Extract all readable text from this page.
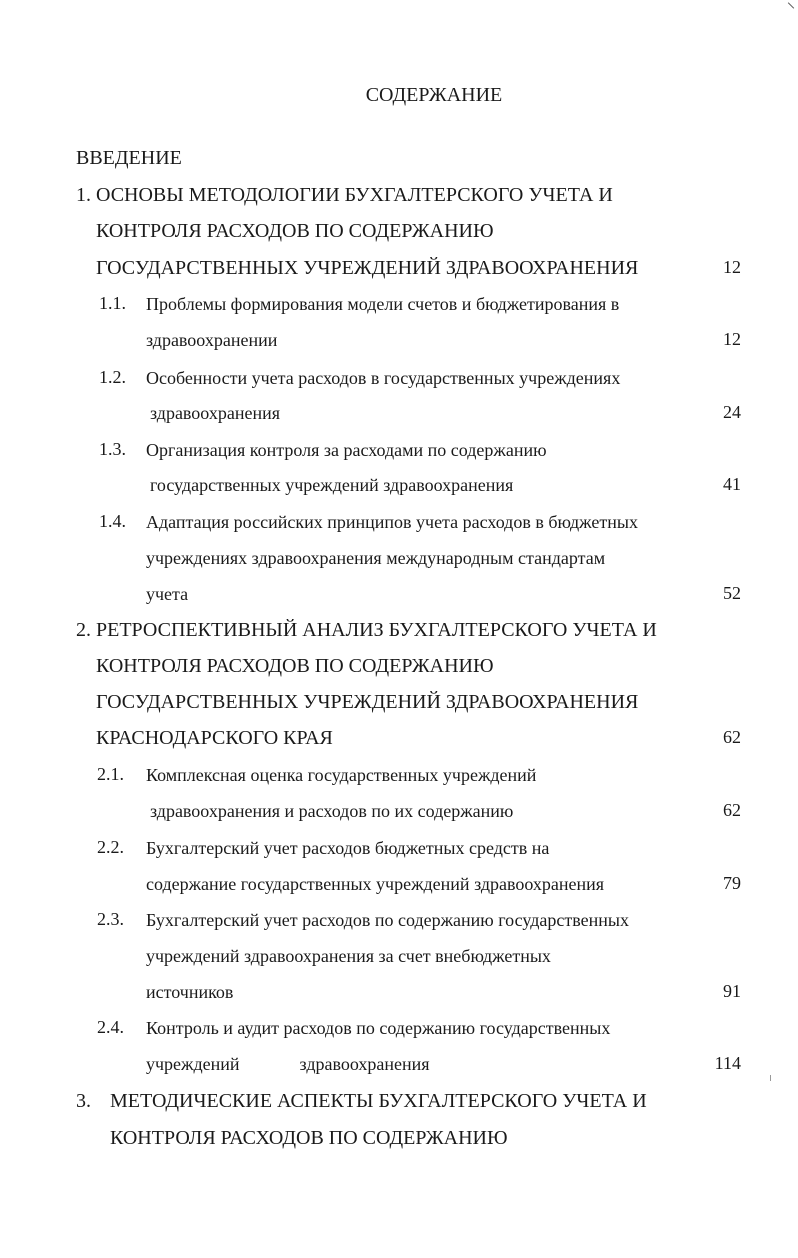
СОДЕРЖАНИЕ
ВВЕДЕНИЕ
1. ОСНОВЫ МЕТОДОЛОГИИ БУХГАЛТЕРСКОГО УЧЕТА И
КОНТРОЛЯ РАСХОДОВ ПО СОДЕРЖАНИЮ
ГОСУДАРСТВЕННЫХ УЧРЕЖДЕНИЙ ЗДРАВООХРАНЕНИЯ	12
1.1. Проблемы формирования модели счетов и бюджетирования в
здравоохранении	12
1.2. Особенности учета расходов в государственных учреждениях
здравоохранения	24
1.3. Организация контроля за расходами по содержанию
государственных учреждений здравоохранения	41
1.4. Адаптация российских принципов учета расходов в бюджетных
учреждениях здравоохранения международным стандартам
учета	52
2. РЕТРОСПЕКТИВНЫЙ АНАЛИЗ БУХГАЛТЕРСКОГО УЧЕТА И
КОНТРОЛЯ РАСХОДОВ ПО СОДЕРЖАНИЮ
ГОСУДАРСТВЕННЫХ УЧРЕЖДЕНИЙ ЗДРАВООХРАНЕНИЯ
КРАСНОДАРСКОГО КРАЯ	62
2.1. Комплексная оценка государственных учреждений
здравоохранения и расходов по их содержанию	62
2.2. Бухгалтерский учет расходов бюджетных средств на
содержание государственных учреждений здравоохранения	79
2.3. Бухгалтерский учет расходов по содержанию государственных
учреждений здравоохранения за счет внебюджетных
источников	91
2.4. Контроль и аудит расходов по содержанию государственных
учреждений	здравоохранения	114
3. МЕТОДИЧЕСКИЕ АСПЕКТЫ БУХГАЛТЕРСКОГО УЧЕТА И
КОНТРОЛЯ РАСХОДОВ ПО СОДЕРЖАНИЮ
